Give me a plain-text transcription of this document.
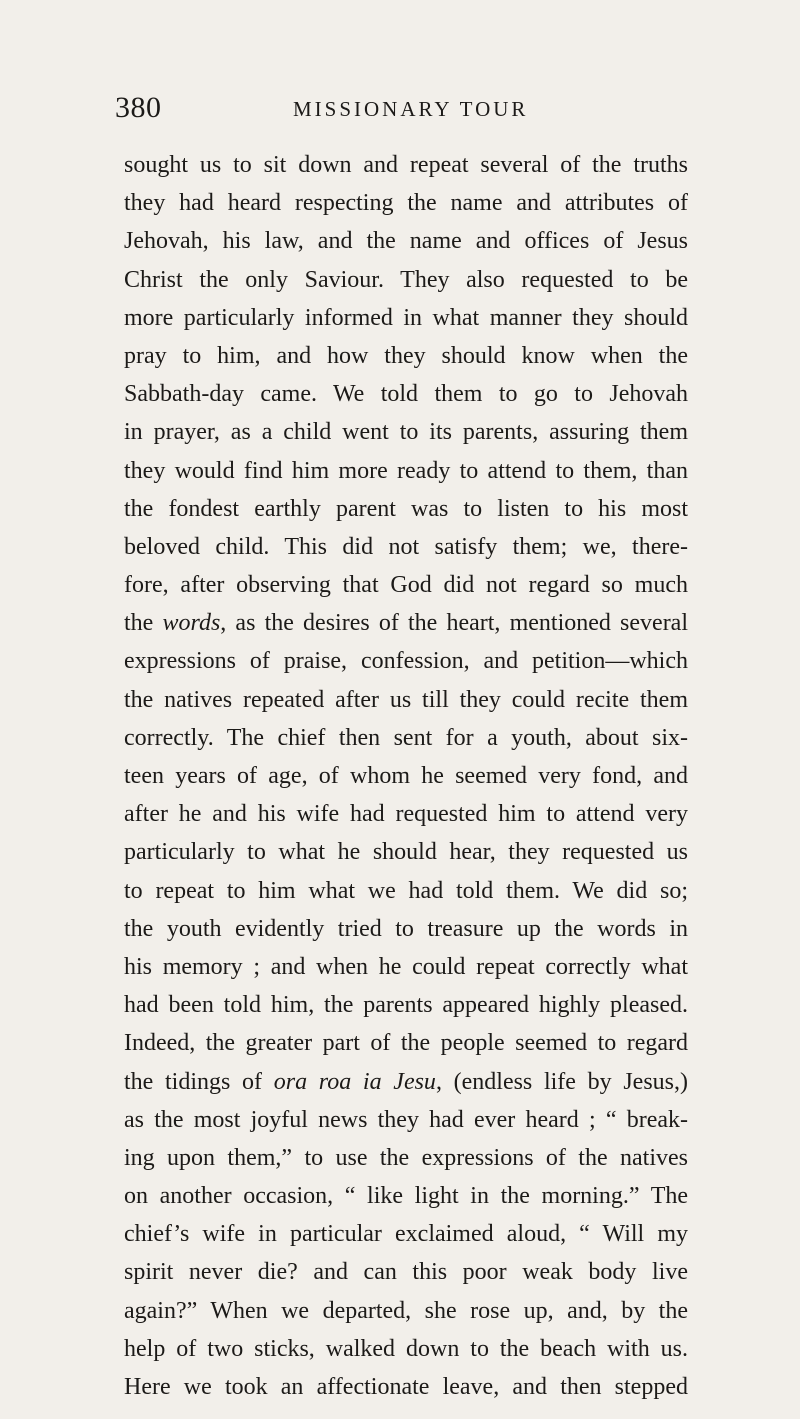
380	MISSIONARY TOUR
sought us to sit down and repeat several of the truths
they had heard respecting the name and attributes of
Jehovah, his law, and the name and offices of Jesus
Christ the only Saviour. They also requested to be
more particularly informed in what manner they should
pray to him, and how they should know when the
Sabbath-day came. We told them to go to Jehovah
in prayer, as a child went to its parents, assuring them
they would find him more ready to attend to them, than
the fondest earthly parent was to listen to his most
beloved child. This did not satisfy them; we, there-
fore, after observing that God did not regard so much
the words, as the desires of the heart, mentioned several
expressions of praise, confession, and petition—which
the natives repeated after us till they could recite them
correctly. The chief then sent for a youth, about six-
teen years of age, of whom he seemed very fond, and
after he and his wife had requested him to attend very
particularly to what he should hear, they requested us
to repeat to him what we had told them. We did so;
the youth evidently tried to treasure up the words in
his memory ; and when he could repeat correctly what
had been told him, the parents appeared highly pleased.
Indeed, the greater part of the people seemed to regard
the tidings of ora roa ia Jesu, (endless life by Jesus,)
as the most joyful news they had ever heard ; “ break-
ing upon them,” to use the expressions of the natives
on another occasion, “ like light in the morning.” The
chief’s wife in particular exclaimed aloud, “ Will my
spirit never die? and can this poor weak body live
again?” When we departed, she rose up, and, by the
help of two sticks, walked down to the beach with us.
Here we took an affectionate leave, and then stepped
